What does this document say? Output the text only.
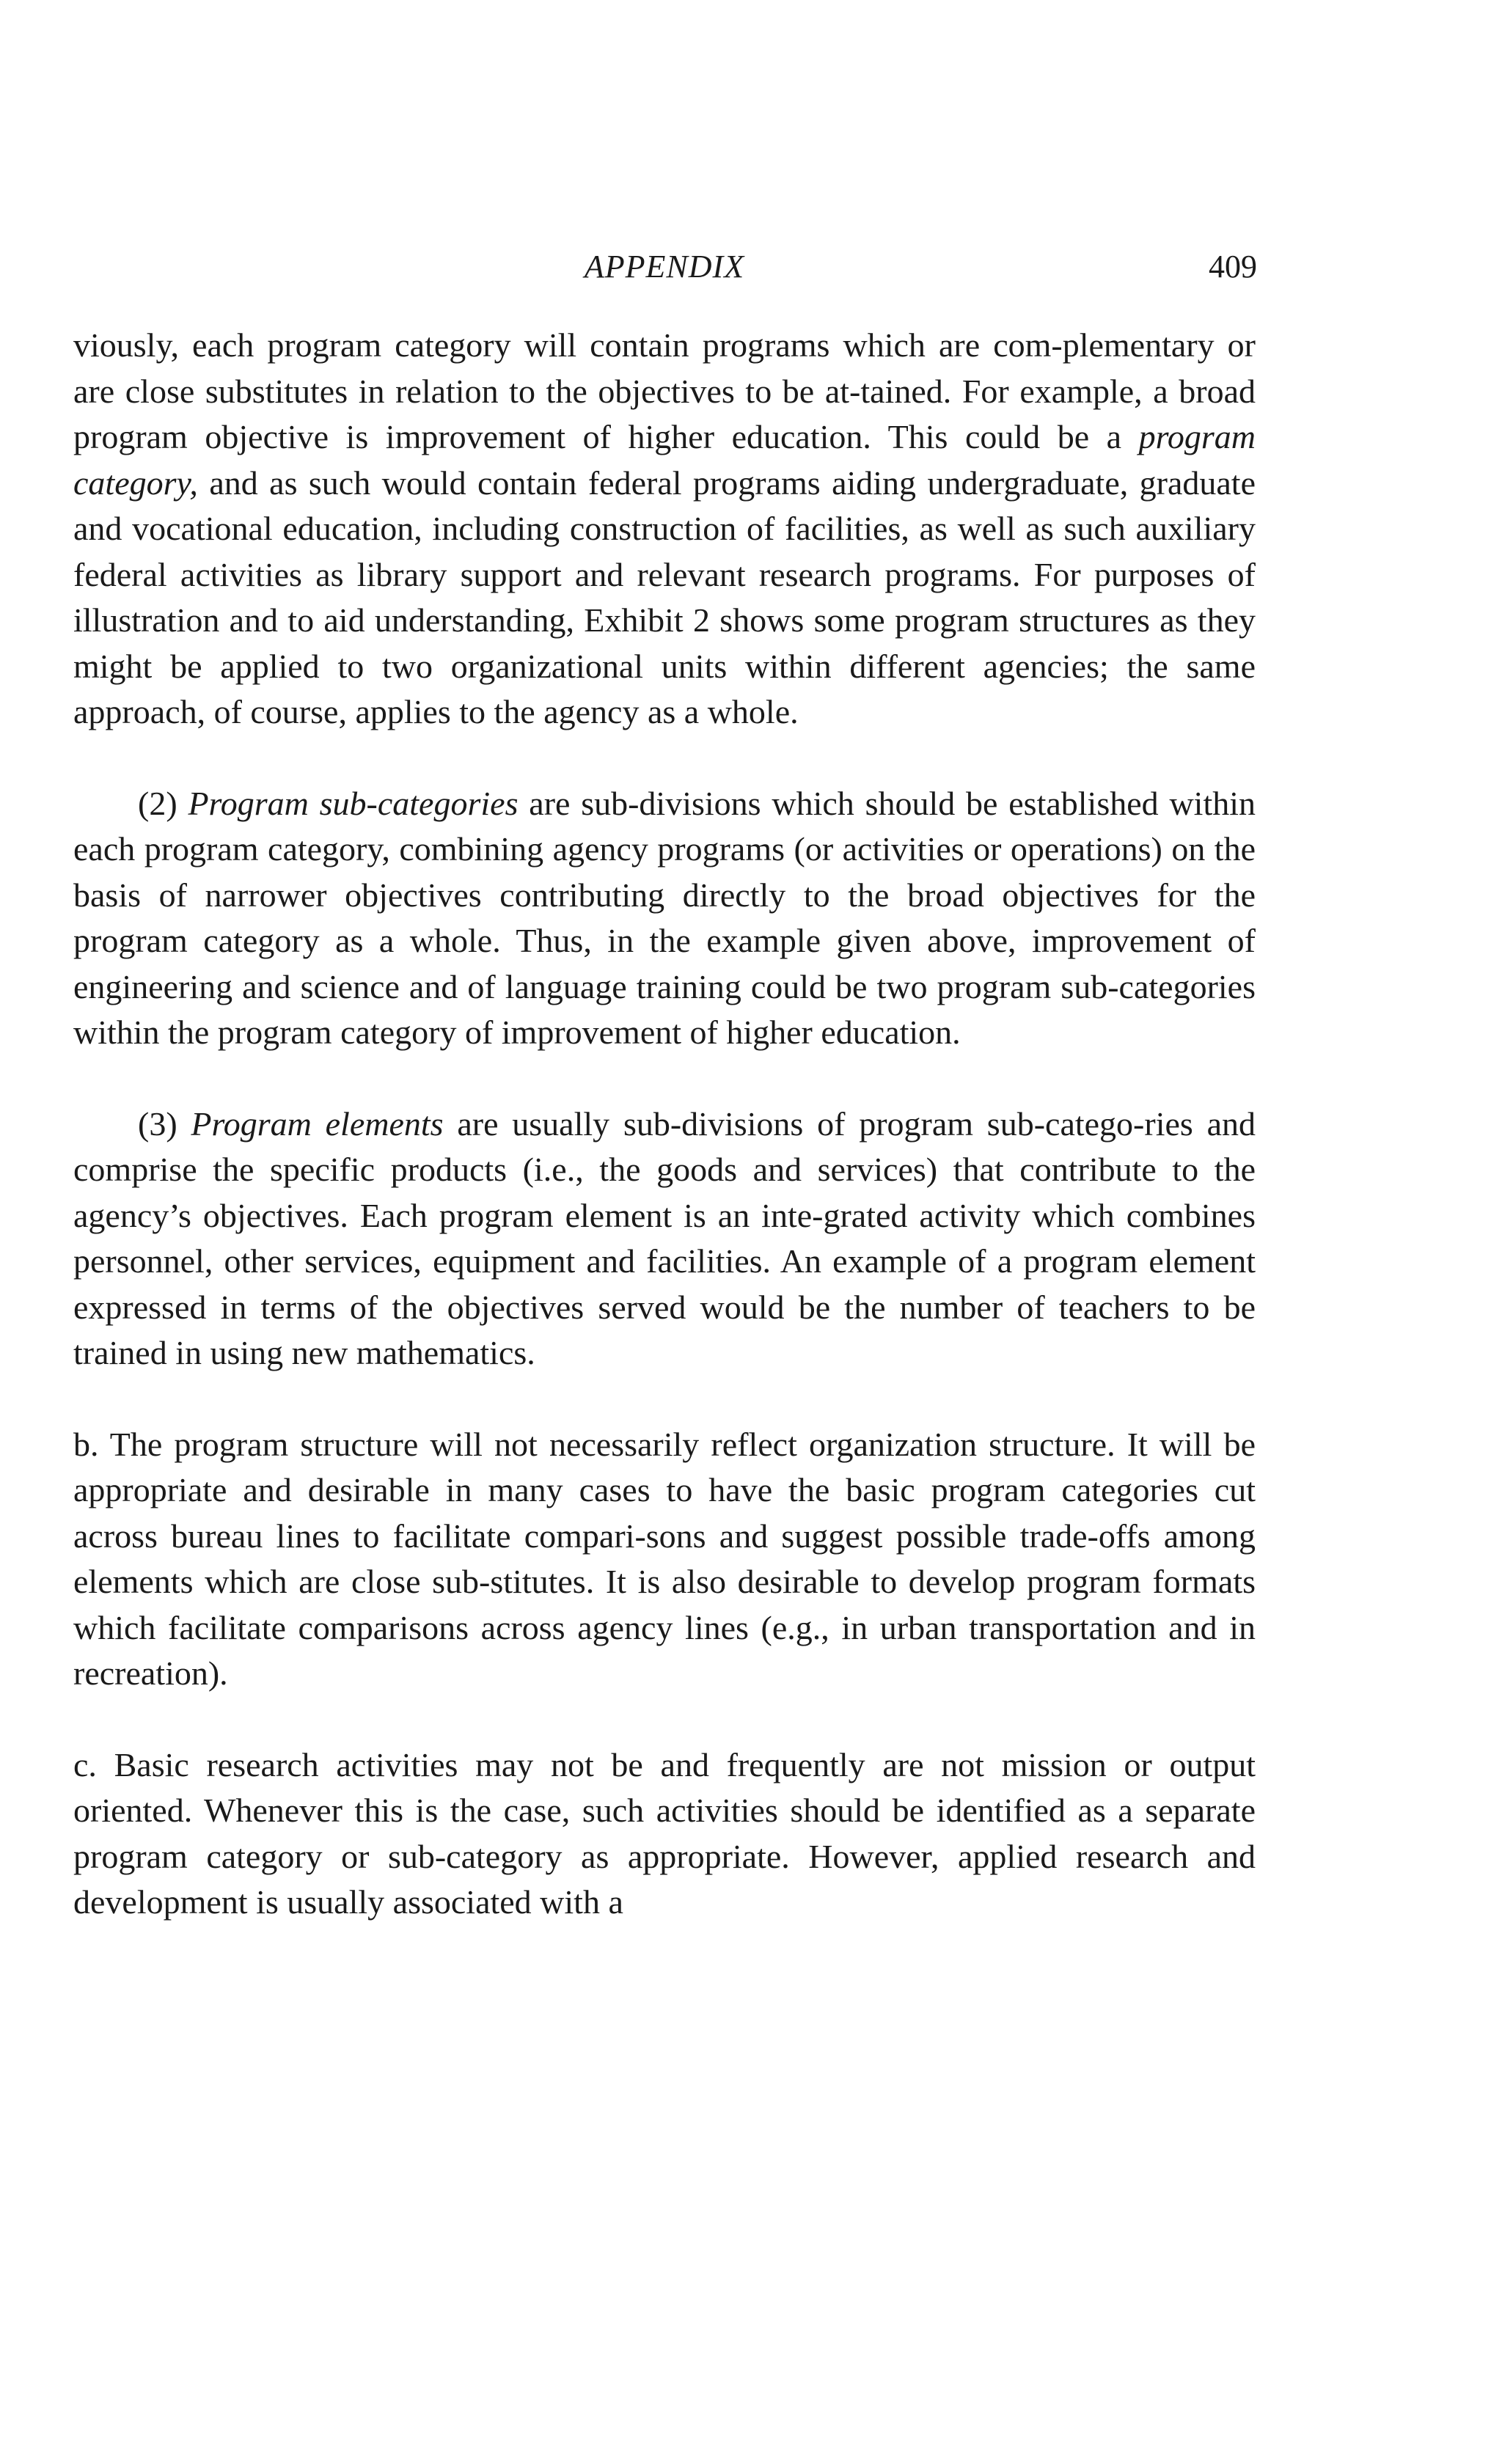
APPENDIX	409

viously, each program category will contain programs which are com-plementary or are close substitutes in relation to the objectives to be at-tained. For example, a broad program objective is improvement of higher education. This could be a program category, and as such would contain federal programs aiding undergraduate, graduate and vocational education, including construction of facilities, as well as such auxiliary federal activities as library support and relevant research programs. For purposes of illustration and to aid understanding, Exhibit 2 shows some program structures as they might be applied to two organizational units within different agencies; the same approach, of course, applies to the agency as a whole.

(2) Program sub-categories are sub-divisions which should be established within each program category, combining agency programs (or activities or operations) on the basis of narrower objectives contributing directly to the broad objectives for the program category as a whole. Thus, in the example given above, improvement of engineering and science and of language training could be two program sub-categories within the program category of improvement of higher education.

(3) Program elements are usually sub-divisions of program sub-catego-ries and comprise the specific products (i.e., the goods and services) that contribute to the agency’s objectives. Each program element is an inte-grated activity which combines personnel, other services, equipment and facilities. An example of a program element expressed in terms of the objectives served would be the number of teachers to be trained in using new mathematics.

b. The program structure will not necessarily reflect organization structure. It will be appropriate and desirable in many cases to have the basic program categories cut across bureau lines to facilitate compari-sons and suggest possible trade-offs among elements which are close sub-stitutes. It is also desirable to develop program formats which facilitate comparisons across agency lines (e.g., in urban transportation and in recreation).

c. Basic research activities may not be and frequently are not mission or output oriented. Whenever this is the case, such activities should be identified as a separate program category or sub-category as appropriate. However, applied research and development is usually associated with a
